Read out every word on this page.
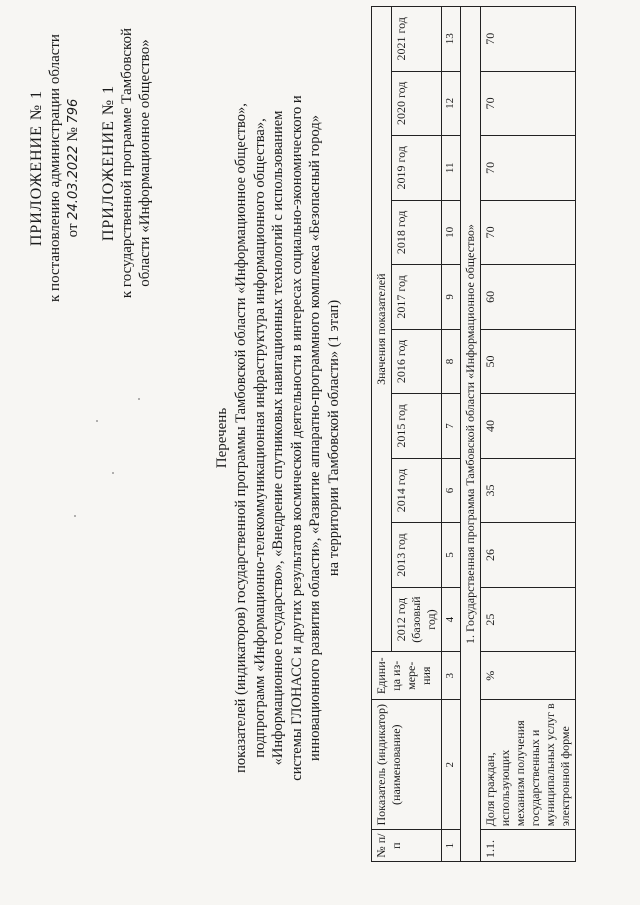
ПРИЛОЖЕНИЕ № 1 к постановлению администрации области от 24.03.2022 № 796 ПРИЛОЖЕНИЕ № 1 к государственной программе Тамбовской области «Информационное общество»
Перечень показателей (индикаторов) государственной программы Тамбовской области «Информационное общество», подпрограмм «Информационно-телекоммуникационная инфраструктура информационного общества», «Информационное государство», «Внедрение спутниковых навигационных технологий с использованием системы ГЛОНАСС и других результатов космической деятельности в интересах социально-экономического и инновационного развития области», «Развитие аппаратно-программного комплекса «Безопасный город» на территории Тамбовской области» (1 этап)
№ п/п	Показатель (индикатор) (наименование)	Едини-ца из-мере-ния	Значения показателей									
			2012 год (базовый год)	2013 год	2014 год	2015 год	2016 год	2017 год	2018 год	2019 год	2020 год	2021 год
1	2	3	4	5	6	7	8	9	10	11	12	13
1. Государственная программа Тамбовской области «Информационное общество»												
1.1.	Доля граждан, использующих механизм получения государственных и муниципальных услуг в электронной форме	%	25	26	35	40	50	60	70	70	70	70
